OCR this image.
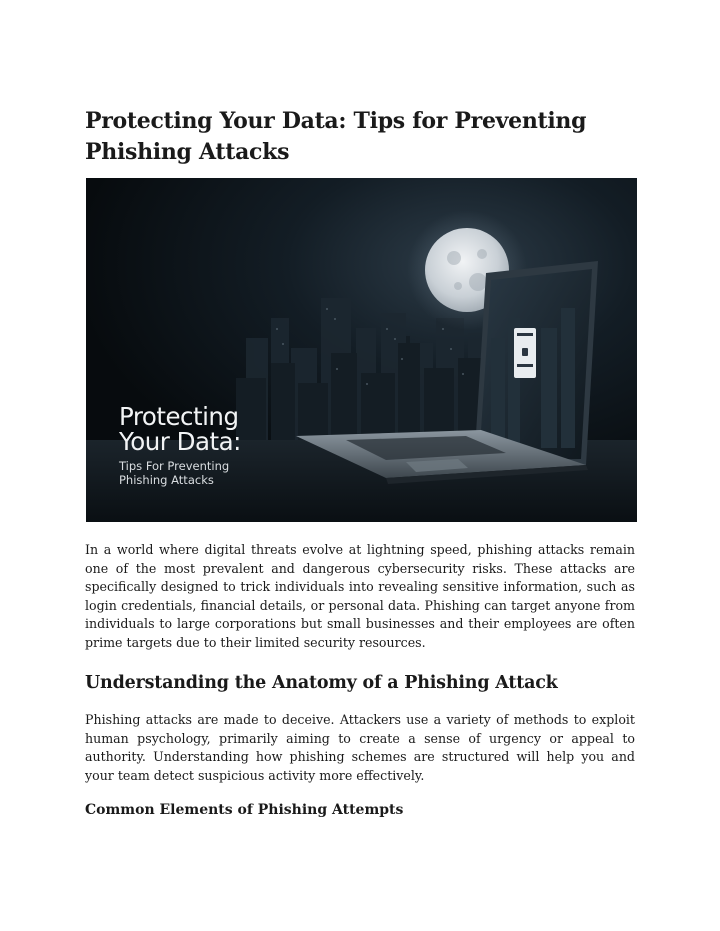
Protecting Your Data: Tips for Preventing Phishing Attacks
Protecting
Your Data:
Tips For Preventing
Phishing Attacks

In a world where digital threats evolve at lightning speed, phishing attacks remain one of the most prevalent and dangerous cybersecurity risks. These attacks are specifically designed to trick individuals into revealing sensitive information, such as login credentials, financial details, or personal data. Phishing can target anyone from individuals to large corporations but small businesses and their employees are often prime targets due to their limited security resources.

Understanding the Anatomy of a Phishing Attack

Phishing attacks are made to deceive. Attackers use a variety of methods to exploit human psychology, primarily aiming to create a sense of urgency or appeal to authority. Understanding how phishing schemes are structured will help you and your team detect suspicious activity more effectively.

Common Elements of Phishing Attempts
